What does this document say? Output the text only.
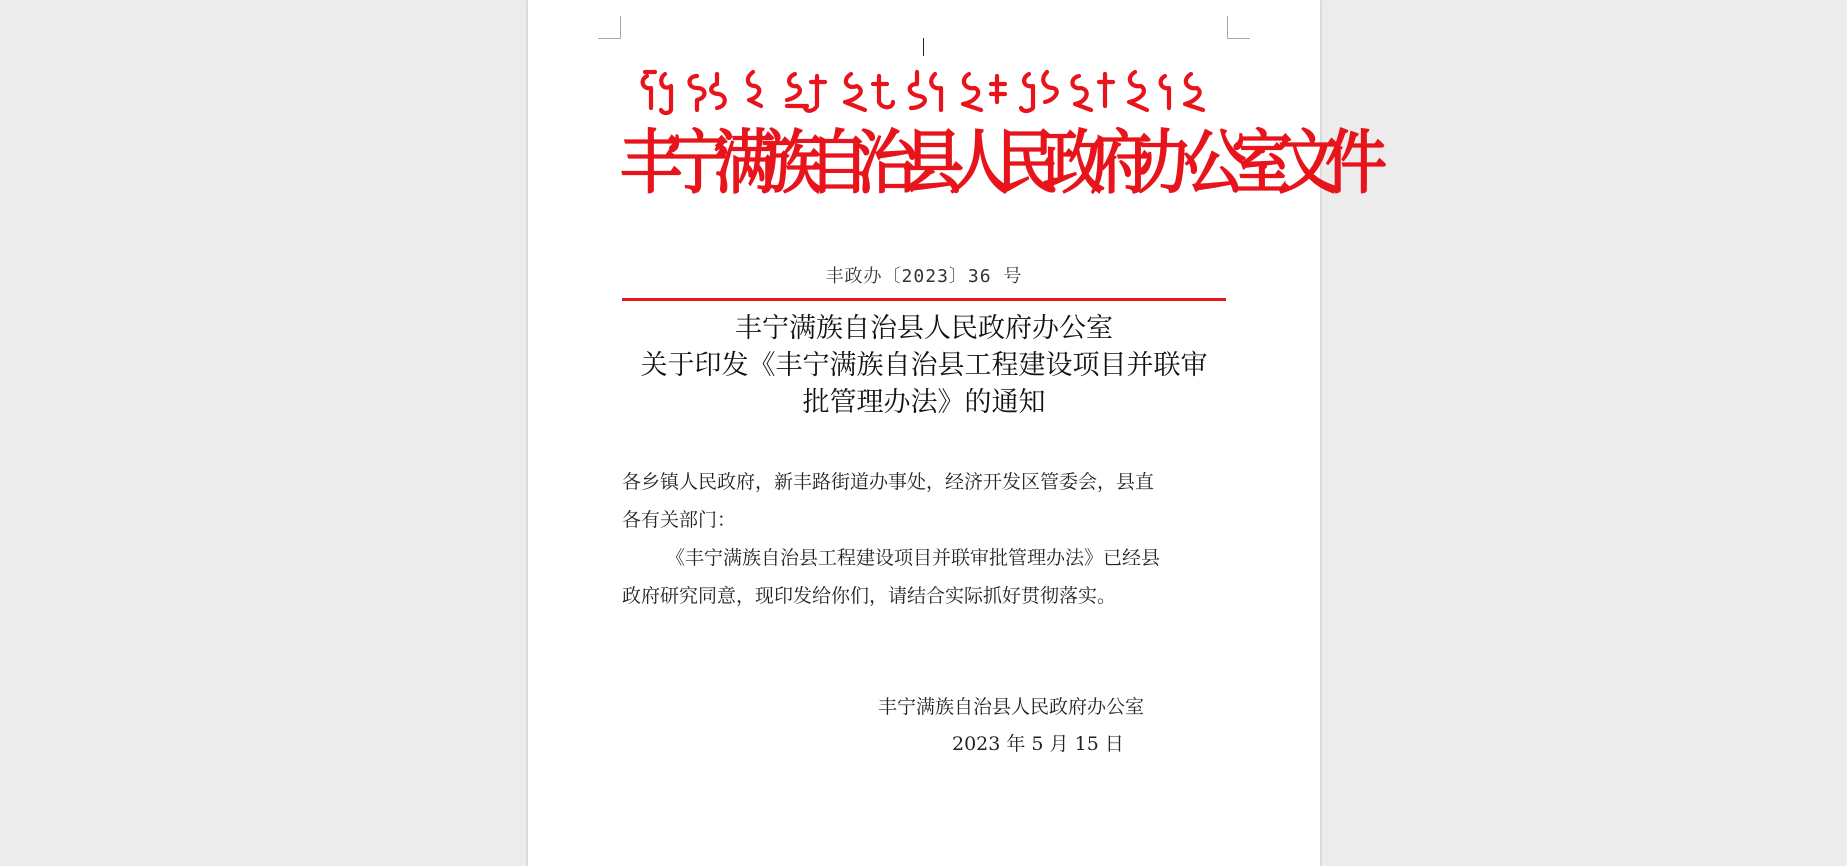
丰宁满族自治县人民政府办公室文件
丰政办〔2023〕36 号
丰宁满族自治县人民政府办公室
关于印发《丰宁满族自治县工程建设项目并联审
批管理办法》的通知
各乡镇人民政府，新丰路街道办事处，经济开发区管委会，县直
各有关部门：
《丰宁满族自治县工程建设项目并联审批管理办法》已经县
政府研究同意，现印发给你们，请结合实际抓好贯彻落实。
丰宁满族自治县人民政府办公室
2023 年 5 月 15 日
